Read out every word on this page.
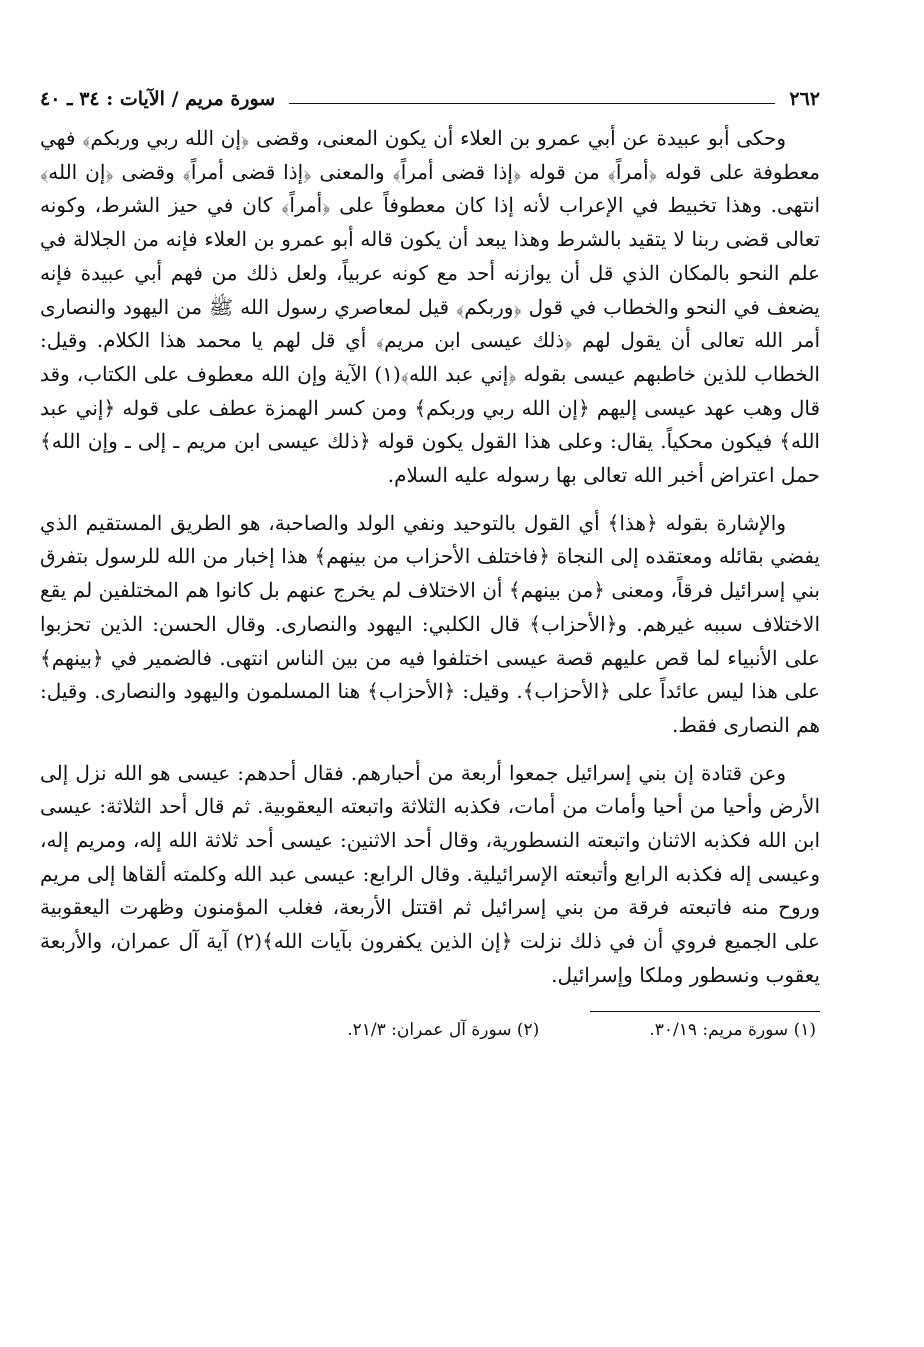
٢٦٢
سورة مريم / الآيات : ٣٤ ـ ٤٠

وحكى أبو عبيدة عن أبي عمرو بن العلاء أن يكون المعنى، وقضى ﴿إن الله ربي وربكم﴾ فهي معطوفة على قوله ﴿أمراً﴾ من قوله ﴿إذا قضى أمراً﴾ والمعنى ﴿إذا قضى أمراً﴾ وقضى ﴿إن الله﴾ انتهى. وهذا تخبيط في الإعراب لأنه إذا كان معطوفاً على ﴿أمراً﴾ كان في حيز الشرط، وكونه تعالى قضى ربنا لا يتقيد بالشرط وهذا يبعد أن يكون قاله أبو عمرو بن العلاء فإنه من الجلالة في علم النحو بالمكان الذي قل أن يوازنه أحد مع كونه عربياً، ولعل ذلك من فهم أبي عبيدة فإنه يضعف في النحو والخطاب في قول ﴿وربكم﴾ قيل لمعاصري رسول الله ﷺ من اليهود والنصارى أمر الله تعالى أن يقول لهم ﴿ذلك عيسى ابن مريم﴾ أي قل لهم يا محمد هذا الكلام. وقيل: الخطاب للذين خاطبهم عيسى بقوله ﴿إني عبد الله﴾(١) الآية وإن الله معطوف على الكتاب، وقد قال وهب عهد عيسى إليهم ﴿إن الله ربي وربكم﴾ ومن كسر الهمزة عطف على قوله ﴿إني عبد الله﴾ فيكون محكياً. يقال: وعلى هذا القول يكون قوله ﴿ذلك عيسى ابن مريم ـ إلى ـ وإن الله﴾ حمل اعتراض أخبر الله تعالى بها رسوله عليه السلام.

والإشارة بقوله ﴿هذا﴾ أي القول بالتوحيد ونفي الولد والصاحبة، هو الطريق المستقيم الذي يفضي بقائله ومعتقده إلى النجاة ﴿فاختلف الأحزاب من بينهم﴾ هذا إخبار من الله للرسول بتفرق بني إسرائيل فرقاً، ومعنى ﴿من بينهم﴾ أن الاختلاف لم يخرج عنهم بل كانوا هم المختلفين لم يقع الاختلاف سببه غيرهم. و﴿الأحزاب﴾ قال الكلبي: اليهود والنصارى. وقال الحسن: الذين تحزبوا على الأنبياء لما قص عليهم قصة عيسى اختلفوا فيه من بين الناس انتهى. فالضمير في ﴿بينهم﴾ على هذا ليس عائداً على ﴿الأحزاب﴾. وقيل: ﴿الأحزاب﴾ هنا المسلمون واليهود والنصارى. وقيل: هم النصارى فقط.

وعن قتادة إن بني إسرائيل جمعوا أربعة من أحبارهم. فقال أحدهم: عيسى هو الله نزل إلى الأرض وأحيا من أحيا وأمات من أمات، فكذبه الثلاثة واتبعته اليعقوبية. ثم قال أحد الثلاثة: عيسى ابن الله فكذبه الاثنان واتبعته النسطورية، وقال أحد الاثنين: عيسى أحد ثلاثة الله إله، ومريم إله، وعيسى إله فكذبه الرابع وأتبعته الإسرائيلية. وقال الرابع: عيسى عبد الله وكلمته ألقاها إلى مريم وروح منه فاتبعته فرقة من بني إسرائيل ثم اقتتل الأربعة، فغلب المؤمنون وظهرت اليعقوبية على الجميع فروي أن في ذلك نزلت ﴿إن الذين يكفرون بآيات الله﴾(٢) آية آل عمران، والأربعة يعقوب ونسطور وملكا وإسرائيل.

(١) سورة مريم: ٣٠/١٩.
(٢) سورة آل عمران: ٢١/٣.
